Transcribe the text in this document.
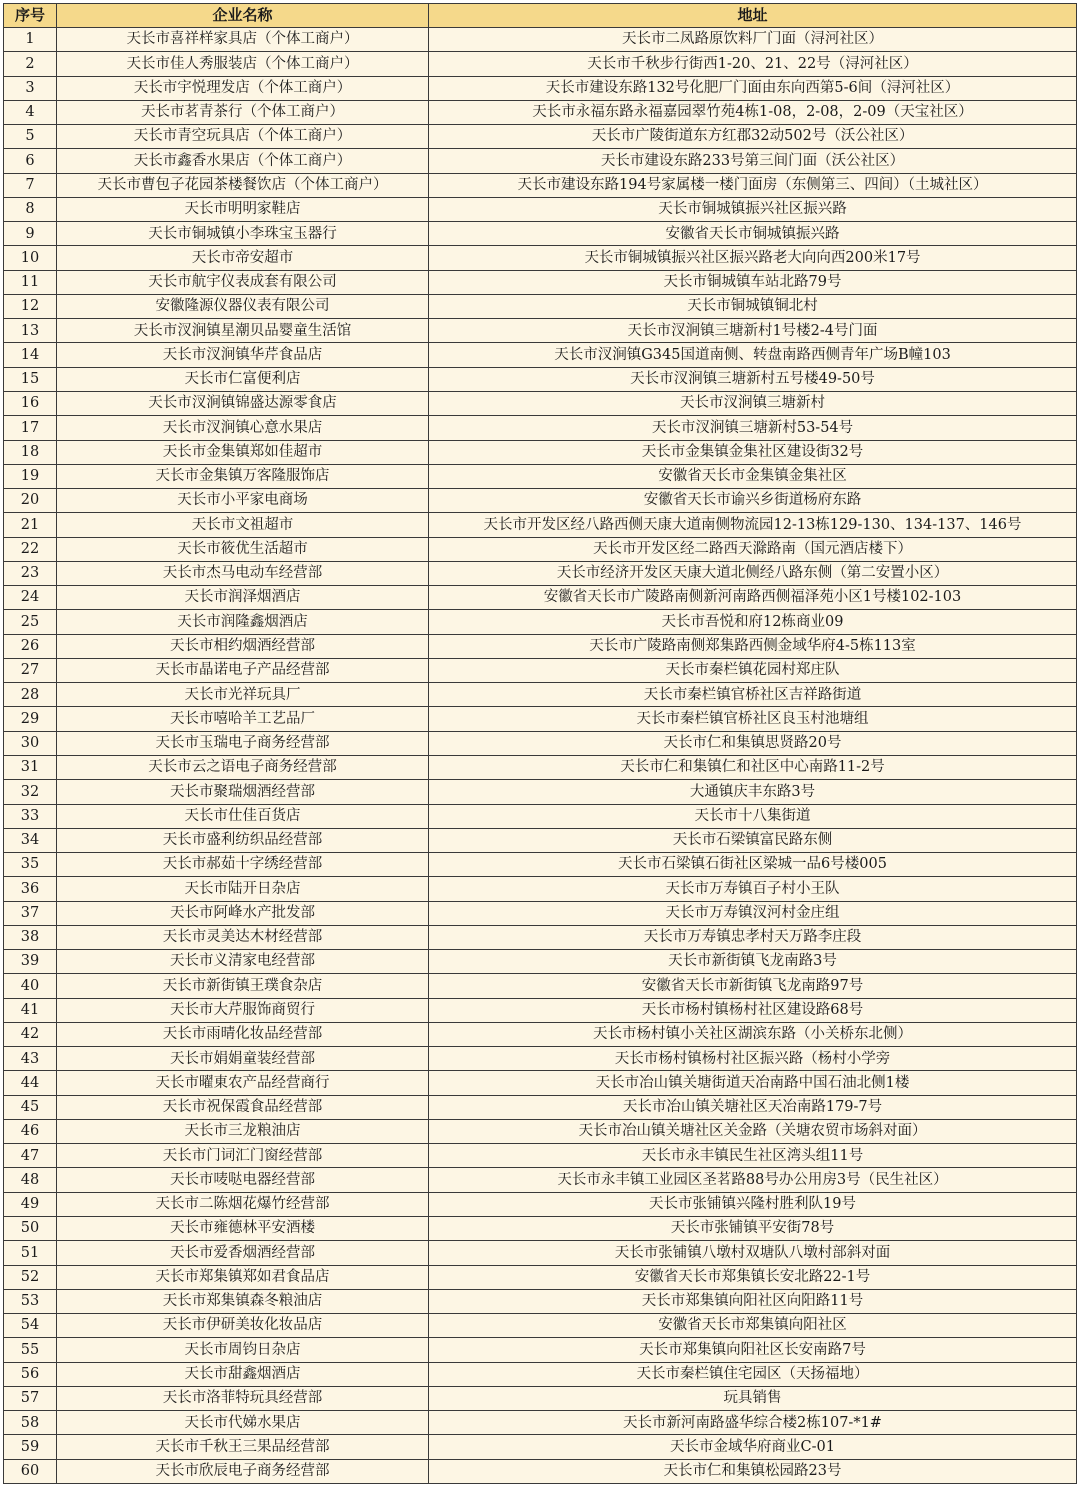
序号	企业名称	地址
1	天长市喜祥样家具店（个体工商户）	天长市二凤路原饮料厂门面（浔河社区）
2	天长市佳人秀服装店（个体工商户）	天长市千秋步行街西1-20、21、22号（浔河社区）
3	天长市宇悦理发店（个体工商户）	天长市建设东路132号化肥厂门面由东向西第5-6间（浔河社区）
4	天长市茗青茶行（个体工商户）	天长市永福东路永福嘉园翠竹苑4栋1-08，2-08，2-09（天宝社区）
5	天长市青空玩具店（个体工商户）	天长市广陵街道东方红郡32动502号（沃公社区）
6	天长市鑫香水果店（个体工商户）	天长市建设东路233号第三间门面（沃公社区）
7	天长市曹包子花园茶楼餐饮店（个体工商户）	天长市建设东路194号家属楼一楼门面房（东侧第三、四间）（土城社区）
8	天长市明明家鞋店	天长市铜城镇振兴社区振兴路
9	天长市铜城镇小李珠宝玉器行	安徽省天长市铜城镇振兴路
10	天长市帝安超市	天长市铜城镇振兴社区振兴路老大向向西200米17号
11	天长市航宇仪表成套有限公司	天长市铜城镇车站北路79号
12	安徽隆源仪器仪表有限公司	天长市铜城镇铜北村
13	天长市汊涧镇星潮贝品婴童生活馆	天长市汊涧镇三塘新村1号楼2-4号门面
14	天长市汊涧镇华芹食品店	天长市汊涧镇G345国道南侧、转盘南路西侧青年广场B幢103
15	天长市仁富便利店	天长市汊涧镇三塘新村五号楼49-50号
16	天长市汊涧镇锦盛达源零食店	天长市汊涧镇三塘新村
17	天长市汊涧镇心意水果店	天长市汊涧镇三塘新村53-54号
18	天长市金集镇郑如佳超市	天长市金集镇金集社区建设街32号
19	天长市金集镇万客隆服饰店	安徽省天长市金集镇金集社区
20	天长市小平家电商场	安徽省天长市谕兴乡街道杨府东路
21	天长市文祖超市	天长市开发区经八路西侧天康大道南侧物流园12-13栋129-130、134-137、146号
22	天长市筱优生活超市	天长市开发区经二路西天滁路南（国元酒店楼下）
23	天长市杰马电动车经营部	天长市经济开发区天康大道北侧经八路东侧（第二安置小区）
24	天长市润泽烟酒店	安徽省天长市广陵路南侧新河南路西侧福泽苑小区1号楼102-103
25	天长市润隆鑫烟酒店	天长市吾悦和府12栋商业09
26	天长市相约烟酒经营部	天长市广陵路南侧郑集路西侧金域华府4-5栋113室
27	天长市晶诺电子产品经营部	天长市秦栏镇花园村郑庄队
28	天长市光祥玩具厂	天长市秦栏镇官桥社区吉祥路街道
29	天长市嘻哈羊工艺品厂	天长市秦栏镇官桥社区良玉村池塘组
30	天长市玉瑞电子商务经营部	天长市仁和集镇思贤路20号
31	天长市云之语电子商务经营部	天长市仁和集镇仁和社区中心南路11-2号
32	天长市聚瑞烟酒经营部	大通镇庆丰东路3号
33	天长市仕佳百货店	天长市十八集街道
34	天长市盛利纺织品经营部	天长市石梁镇富民路东侧
35	天长市郝茹十字绣经营部	天长市石梁镇石街社区梁城一品6号楼005
36	天长市陆开日杂店	天长市万寿镇百子村小王队
37	天长市阿峰水产批发部	天长市万寿镇汊河村金庄组
38	天长市灵美达木材经营部	天长市万寿镇忠孝村天万路李庄段
39	天长市义清家电经营部	天长市新街镇飞龙南路3号
40	天长市新街镇王璞食杂店	安徽省天长市新街镇飞龙南路97号
41	天长市大芹服饰商贸行	天长市杨村镇杨村社区建设路68号
42	天长市雨晴化妆品经营部	天长市杨村镇小关社区湖滨东路（小关桥东北侧）
43	天长市娟娟童装经营部	天长市杨村镇杨村社区振兴路（杨村小学旁
44	天长市曜東农产品经营商行	天长市冶山镇关塘街道天冶南路中国石油北侧1楼
45	天长市祝保霞食品经营部	天长市冶山镇关塘社区天冶南路179-7号
46	天长市三龙粮油店	天长市冶山镇关塘社区关金路（关塘农贸市场斜对面）
47	天长市门词汇门窗经营部	天长市永丰镇民生社区湾头组11号
48	天长市唛哒电器经营部	天长市永丰镇工业园区圣茗路88号办公用房3号（民生社区）
49	天长市二陈烟花爆竹经营部	天长市张铺镇兴隆村胜利队19号
50	天长市雍德林平安酒楼	天长市张铺镇平安街78号
51	天长市爱香烟酒经营部	天长市张铺镇八墩村双塘队八墩村部斜对面
52	天长市郑集镇郑如君食品店	安徽省天长市郑集镇长安北路22-1号
53	天长市郑集镇森冬粮油店	天长市郑集镇向阳社区向阳路11号
54	天长市伊研美妆化妆品店	安徽省天长市郑集镇向阳社区
55	天长市周钧日杂店	天长市郑集镇向阳社区长安南路7号
56	天长市甜鑫烟酒店	天长市秦栏镇住宅园区（天扬福地）
57	天长市洛菲特玩具经营部	玩具销售
58	天长市代娣水果店	天长市新河南路盛华综合楼2栋107-*1#
59	天长市千秋王三果品经营部	天长市金域华府商业C-01
60	天长市欣辰电子商务经营部	天长市仁和集镇松园路23号
